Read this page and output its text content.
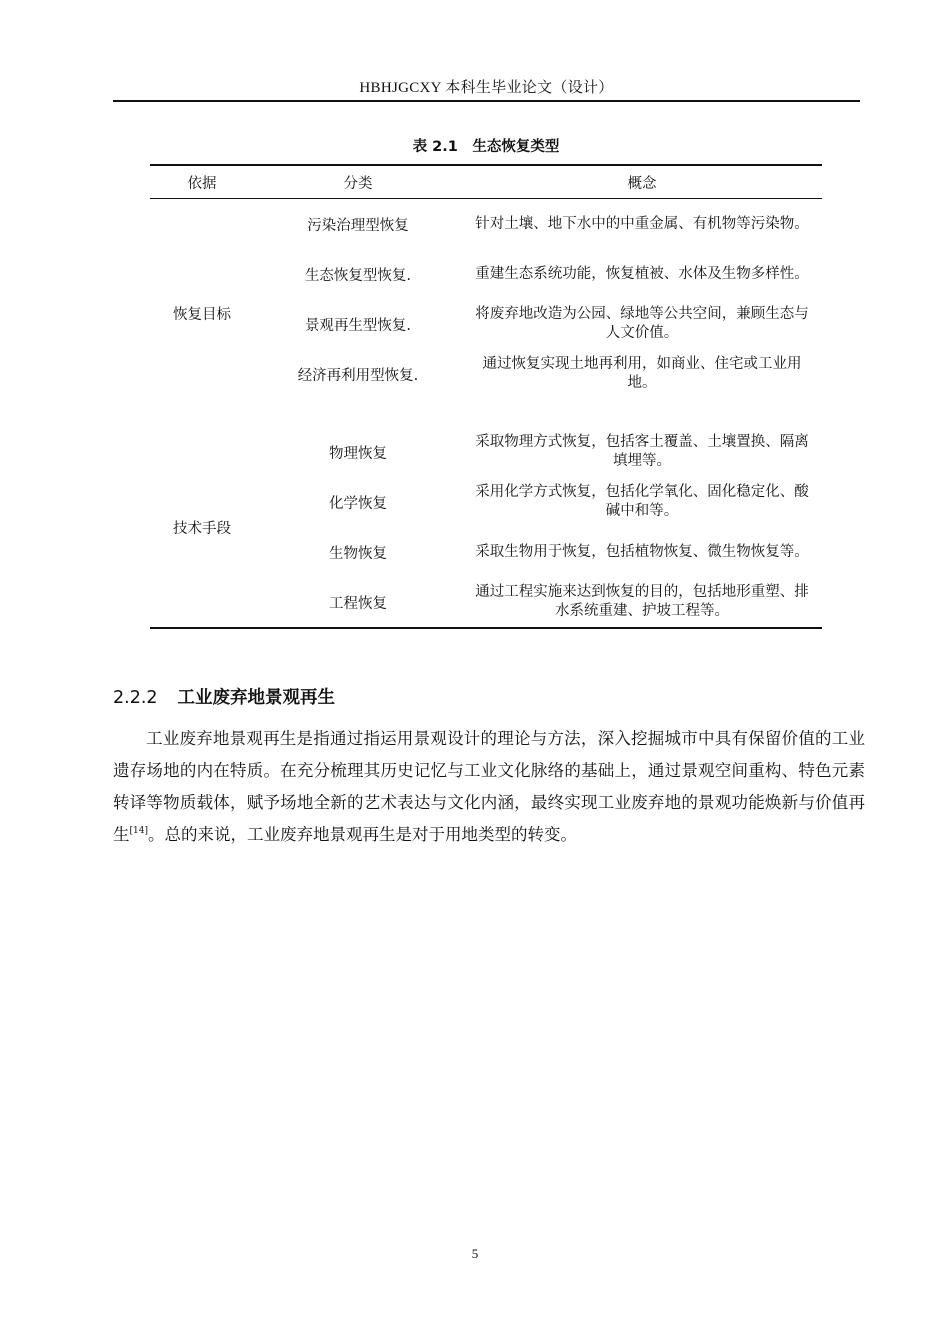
HBHJGCXY 本科生毕业论文（设计）
表 2.1　生态恢复类型
依据	分类	概念
恢复目标	污染治理型恢复	针对土壤、地下水中的中重金属、有机物等污染物。
	生态恢复型恢复.	重建生态系统功能，恢复植被、水体及生物多样性。
	景观再生型恢复.	将废弃地改造为公园、绿地等公共空间，兼顾生态与人文价值。
	经济再利用型恢复.	通过恢复实现土地再利用，如商业、住宅或工业用地。

技术手段	物理恢复	采取物理方式恢复，包括客土覆盖、土壤置换、隔离填埋等。
	化学恢复	采用化学方式恢复，包括化学氧化、固化稳定化、酸碱中和等。
	生物恢复	采取生物用于恢复，包括植物恢复、微生物恢复等。
	工程恢复	通过工程实施来达到恢复的目的，包括地形重塑、排水系统重建、护坡工程等。
2.2.2 工业废弃地景观再生

工业废弃地景观再生是指通过指运用景观设计的理论与方法，深入挖掘城市中具有保留价值的工业遗存场地的内在特质。在充分梳理其历史记忆与工业文化脉络的基础上，通过景观空间重构、特色元素转译等物质载体，赋予场地全新的艺术表达与文化内涵，最终实现工业废弃地的景观功能焕新与价值再生[14]。总的来说，工业废弃地景观再生是对于用地类型的转变。

5
